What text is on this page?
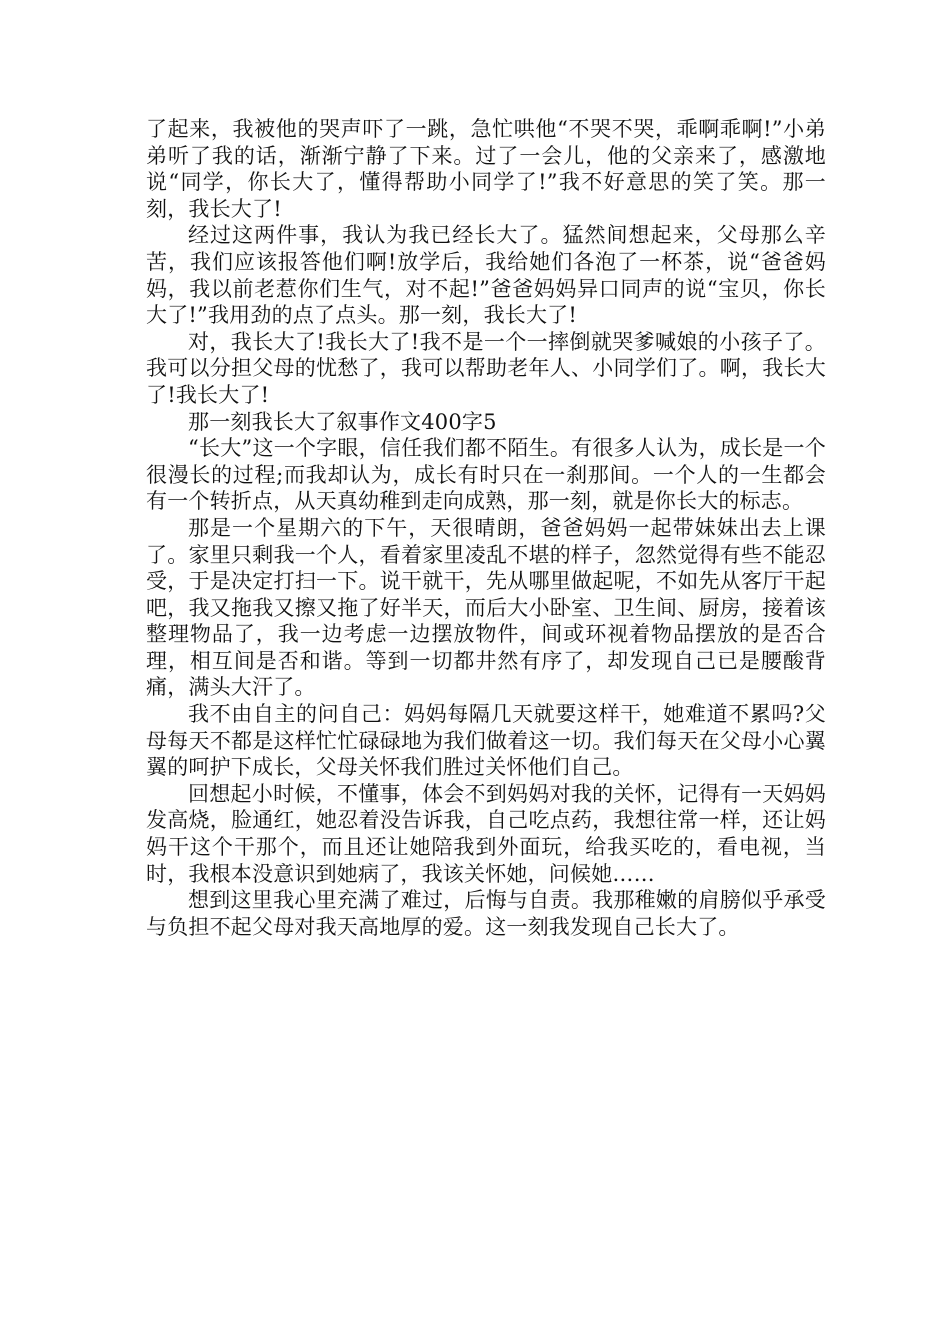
了起来，我被他的哭声吓了一跳，急忙哄他“不哭不哭，乖啊乖啊!”小弟弟听了我的话，渐渐宁静了下来。过了一会儿，他的父亲来了，感激地说“同学，你长大了，懂得帮助小同学了!”我不好意思的笑了笑。那一刻，我长大了!

经过这两件事，我认为我已经长大了。猛然间想起来，父母那么辛苦，我们应该报答他们啊!放学后，我给她们各泡了一杯茶，说“爸爸妈妈，我以前老惹你们生气，对不起!”爸爸妈妈异口同声的说“宝贝，你长大了!”我用劲的点了点头。那一刻，我长大了!

对，我长大了!我长大了!我不是一个一摔倒就哭爹喊娘的小孩子了。我可以分担父母的忧愁了，我可以帮助老年人、小同学们了。啊，我长大了!我长大了!

那一刻我长大了叙事作文400字5

“长大”这一个字眼，信任我们都不陌生。有很多人认为，成长是一个很漫长的过程;而我却认为，成长有时只在一刹那间。一个人的一生都会有一个转折点，从天真幼稚到走向成熟，那一刻，就是你长大的标志。

那是一个星期六的下午，天很晴朗，爸爸妈妈一起带妹妹出去上课了。家里只剩我一个人，看着家里凌乱不堪的样子，忽然觉得有些不能忍受，于是决定打扫一下。说干就干，先从哪里做起呢，不如先从客厅干起吧，我又拖我又擦又拖了好半天，而后大小卧室、卫生间、厨房，接着该整理物品了，我一边考虑一边摆放物件，间或环视着物品摆放的是否合理，相互间是否和谐。等到一切都井然有序了，却发现自己已是腰酸背痛，满头大汗了。

我不由自主的问自己：妈妈每隔几天就要这样干，她难道不累吗?父母每天不都是这样忙忙碌碌地为我们做着这一切。我们每天在父母小心翼翼的呵护下成长，父母关怀我们胜过关怀他们自己。

回想起小时候，不懂事，体会不到妈妈对我的关怀，记得有一天妈妈发高烧，脸通红，她忍着没告诉我，自己吃点药，我想往常一样，还让妈妈干这个干那个，而且还让她陪我到外面玩，给我买吃的，看电视，当时，我根本没意识到她病了，我该关怀她，问候她……

想到这里我心里充满了难过，后悔与自责。我那稚嫩的肩膀似乎承受与负担不起父母对我天高地厚的爱。这一刻我发现自己长大了。
